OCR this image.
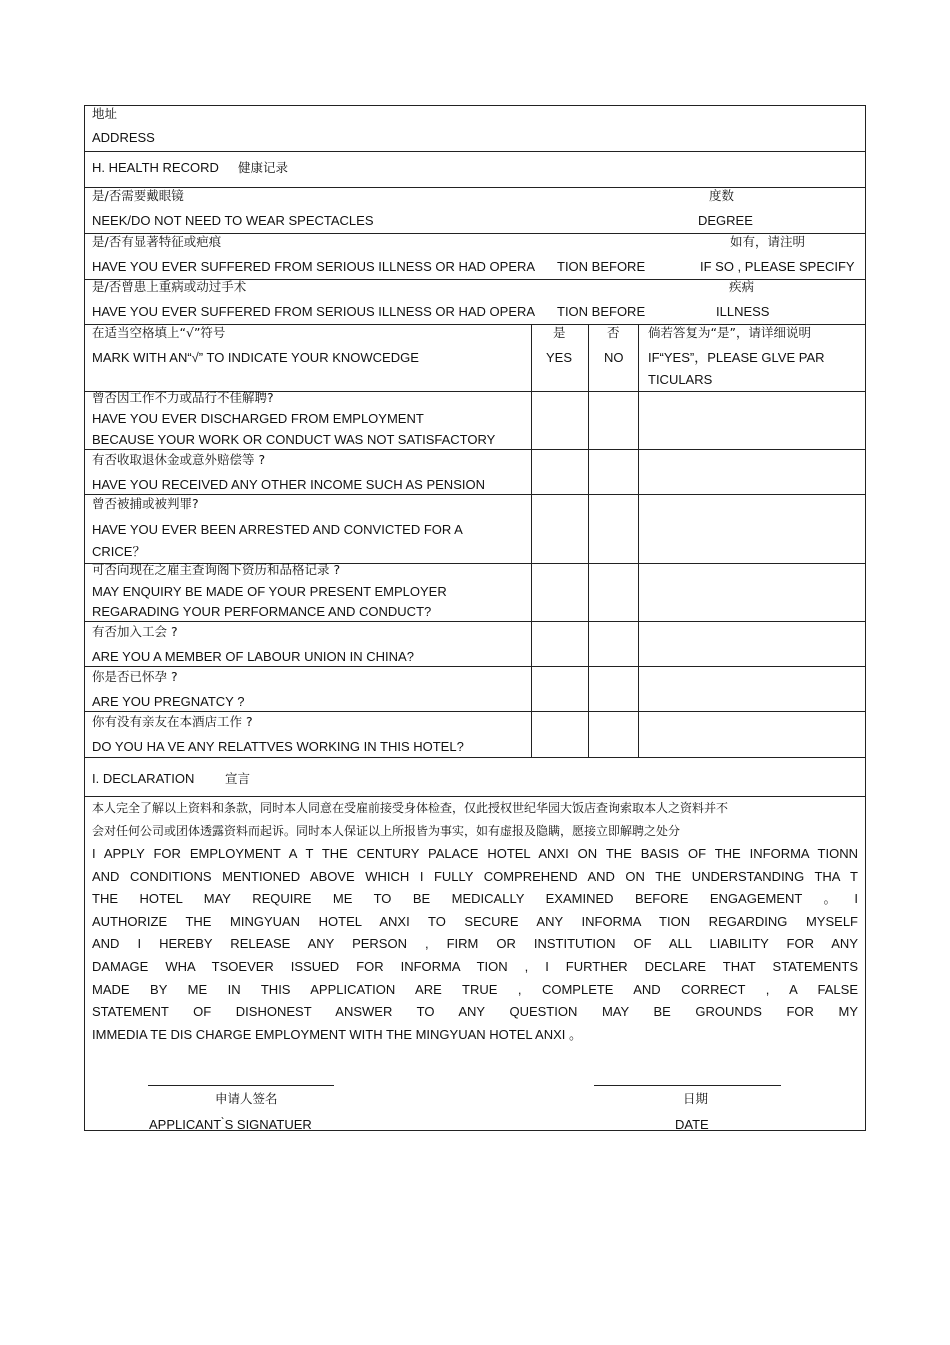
地址
ADDRESS
H. HEALTH RECORD 健康记录
是/否需要戴眼镜
NEEK/DO NOT NEED TO WEAR SPECTACLES
度数
DEGREE
是/否有显著特征或疤痕
HAVE YOU EVER SUFFERED FROM SERIOUS ILLNESS OR HAD OPERA TION BEFORE
如有，请注明
IF SO , PLEASE SPECIFY
是/否曾患上重病或动过手术
HAVE YOU EVER SUFFERED FROM SERIOUS ILLNESS OR HAD OPERA TION BEFORE
疾病
ILLNESS
在适当空格填上“√”符号
MARK WITH AN“√” TO INDICATE YOUR KNOWCEDGE
是
YES
否
NO
倘若答复为“是”，请详细说明
IF“YES”，PLEASE GLVE PAR
TICULARS
曾否因工作不力或品行不佳解聘?
HAVE YOU EVER DISCHARGED FROM EMPLOYMENT
BECAUSE YOUR WORK OR CONDUCT WAS NOT SATISFACTORY
有否收取退休金或意外赔偿等 ?
HAVE YOU RECEIVED ANY OTHER INCOME SUCH AS PENSION
曾否被捕或被判罪?
HAVE YOU EVER BEEN ARRESTED AND CONVICTED FOR A
CRICE？
可否向现在之雇主查询阁下资历和品格记录 ?
MAY ENQUIRY BE MADE OF YOUR PRESENT EMPLOYER
REGARADING YOUR PERFORMANCE AND CONDUCT?
有否加入工会 ?
ARE YOU A MEMBER OF LABOUR UNION IN CHINA?
你是否已怀孕 ?
ARE YOU PREGNATCY ?
你有没有亲友在本酒店工作 ?
DO YOU HA VE ANY RELATTVES WORKING IN THIS HOTEL?
I. DECLARATION 宣言
本人完全了解以上资料和条款，同时本人同意在受雇前接受身体检查，仅此授权世纪华园大饭店查询索取本人之资料并不
会对任何公司或团体透露资料而起诉。同时本人保证以上所报皆为事实，如有虚报及隐瞒，愿接立即解聘之处分
I APPLY FOR EMPLOYMENT A T THE CENTURY PALACE HOTEL ANXI ON THE BASIS OF THE INFORMA TIONN
AND CONDITIONS MENTIONED ABOVE WHICH I FULLY COMPREHEND AND ON THE UNDERSTANDING THA T
THE HOTEL MAY REQUIRE ME TO BE MEDICALLY EXAMINED BEFORE ENGAGEMENT 。I
AUTHORIZE THE MINGYUAN HOTEL ANXI TO SECURE ANY INFORMA TION REGARDING MYSELF
AND I HEREBY RELEASE ANY PERSON , FIRM OR INSTITUTION OF ALL LIABILITY FOR ANY
DAMAGE WHA TSOEVER ISSUED FOR INFORMA TION , I FURTHER DECLARE THAT STATEMENTS
MADE BY ME IN THIS APPLICATION ARE TRUE , COMPLETE AND CORRECT , A FALSE
STATEMENT OF DISHONEST ANSWER TO ANY QUESTION MAY BE GROUNDS FOR MY
IMMEDIA TE DIS CHARGE EMPLOYMENT WITH THE MINGYUAN HOTEL ANXI 。
申请人签名
APPLICANT ̀S SIGNATUER
日期
DATE
